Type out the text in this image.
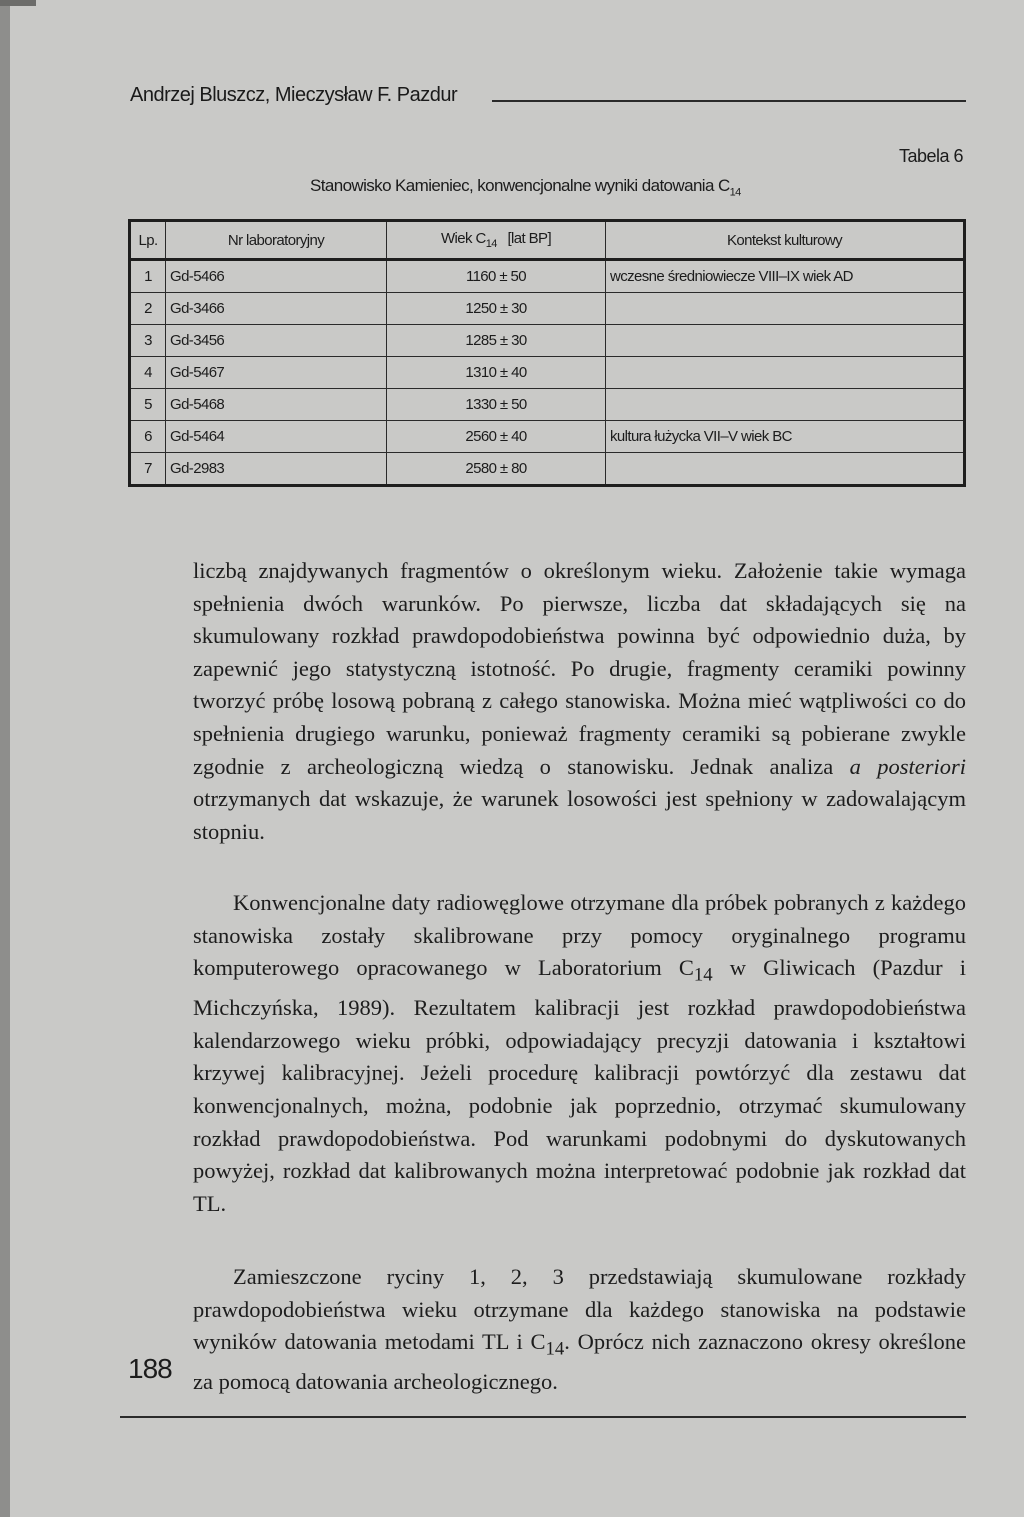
Andrzej Bluszcz, Mieczysław F. Pazdur
Tabela 6
Stanowisko Kamieniec, konwencjonalne wyniki datowania $C_{14}$
Lp.	Nr laboratoryjny	Wiek $C_{14}$ [lat BP]	Kontekst kulturowy
1	Gd-5466	1160 ± 50	wczesne średniowiecze VIII–IX wiek AD
2	Gd-3466	1250 ± 30	
3	Gd-3456	1285 ± 30	
4	Gd-5467	1310 ± 40	
5	Gd-5468	1330 ± 50	
6	Gd-5464	2560 ± 40	kultura łużycka VII–V wiek BC
7	Gd-2983	2580 ± 80	

liczbą znajdywanych fragmentów o określonym wieku. Założenie takie wymaga spełnienia dwóch warunków. Po pierwsze, liczba dat składających się na skumulowany rozkład prawdopodobieństwa powinna być odpowiednio duża, by zapewnić jego statystyczną istotność. Po drugie, fragmenty ceramiki powinny tworzyć próbę losową pobraną z całego stanowiska. Można mieć wątpliwości co do spełnienia drugiego warunku, ponieważ fragmenty ceramiki są pobierane zwykle zgodnie z archeologiczną wiedzą o stanowisku. Jednak analiza a posteriori otrzymanych dat wskazuje, że warunek losowości jest spełniony w zadowalającym stopniu.

Konwencjonalne daty radiowęglowe otrzymane dla próbek pobranych z każdego stanowiska zostały skalibrowane przy pomocy oryginalnego programu komputerowego opracowanego w Laboratorium $C_{14}$ w Gliwicach (Pazdur i Michczyńska, 1989). Rezultatem kalibracji jest rozkład prawdopodobieństwa kalendarzowego wieku próbki, odpowiadający precyzji datowania i kształtowi krzywej kalibracyjnej. Jeżeli procedurę kalibracji powtórzyć dla zestawu dat konwencjonalnych, można, podobnie jak poprzednio, otrzymać skumulowany rozkład prawdopodobieństwa. Pod warunkami podobnymi do dyskutowanych powyżej, rozkład dat kalibrowanych można interpretować podobnie jak rozkład dat TL.

Zamieszczone ryciny 1, 2, 3 przedstawiają skumulowane rozkłady prawdopodobieństwa wieku otrzymane dla każdego stanowiska na podstawie wyników datowania metodami TL i $C_{14}$. Oprócz nich zaznaczono okresy określone za pomocą datowania archeologicznego.

188
